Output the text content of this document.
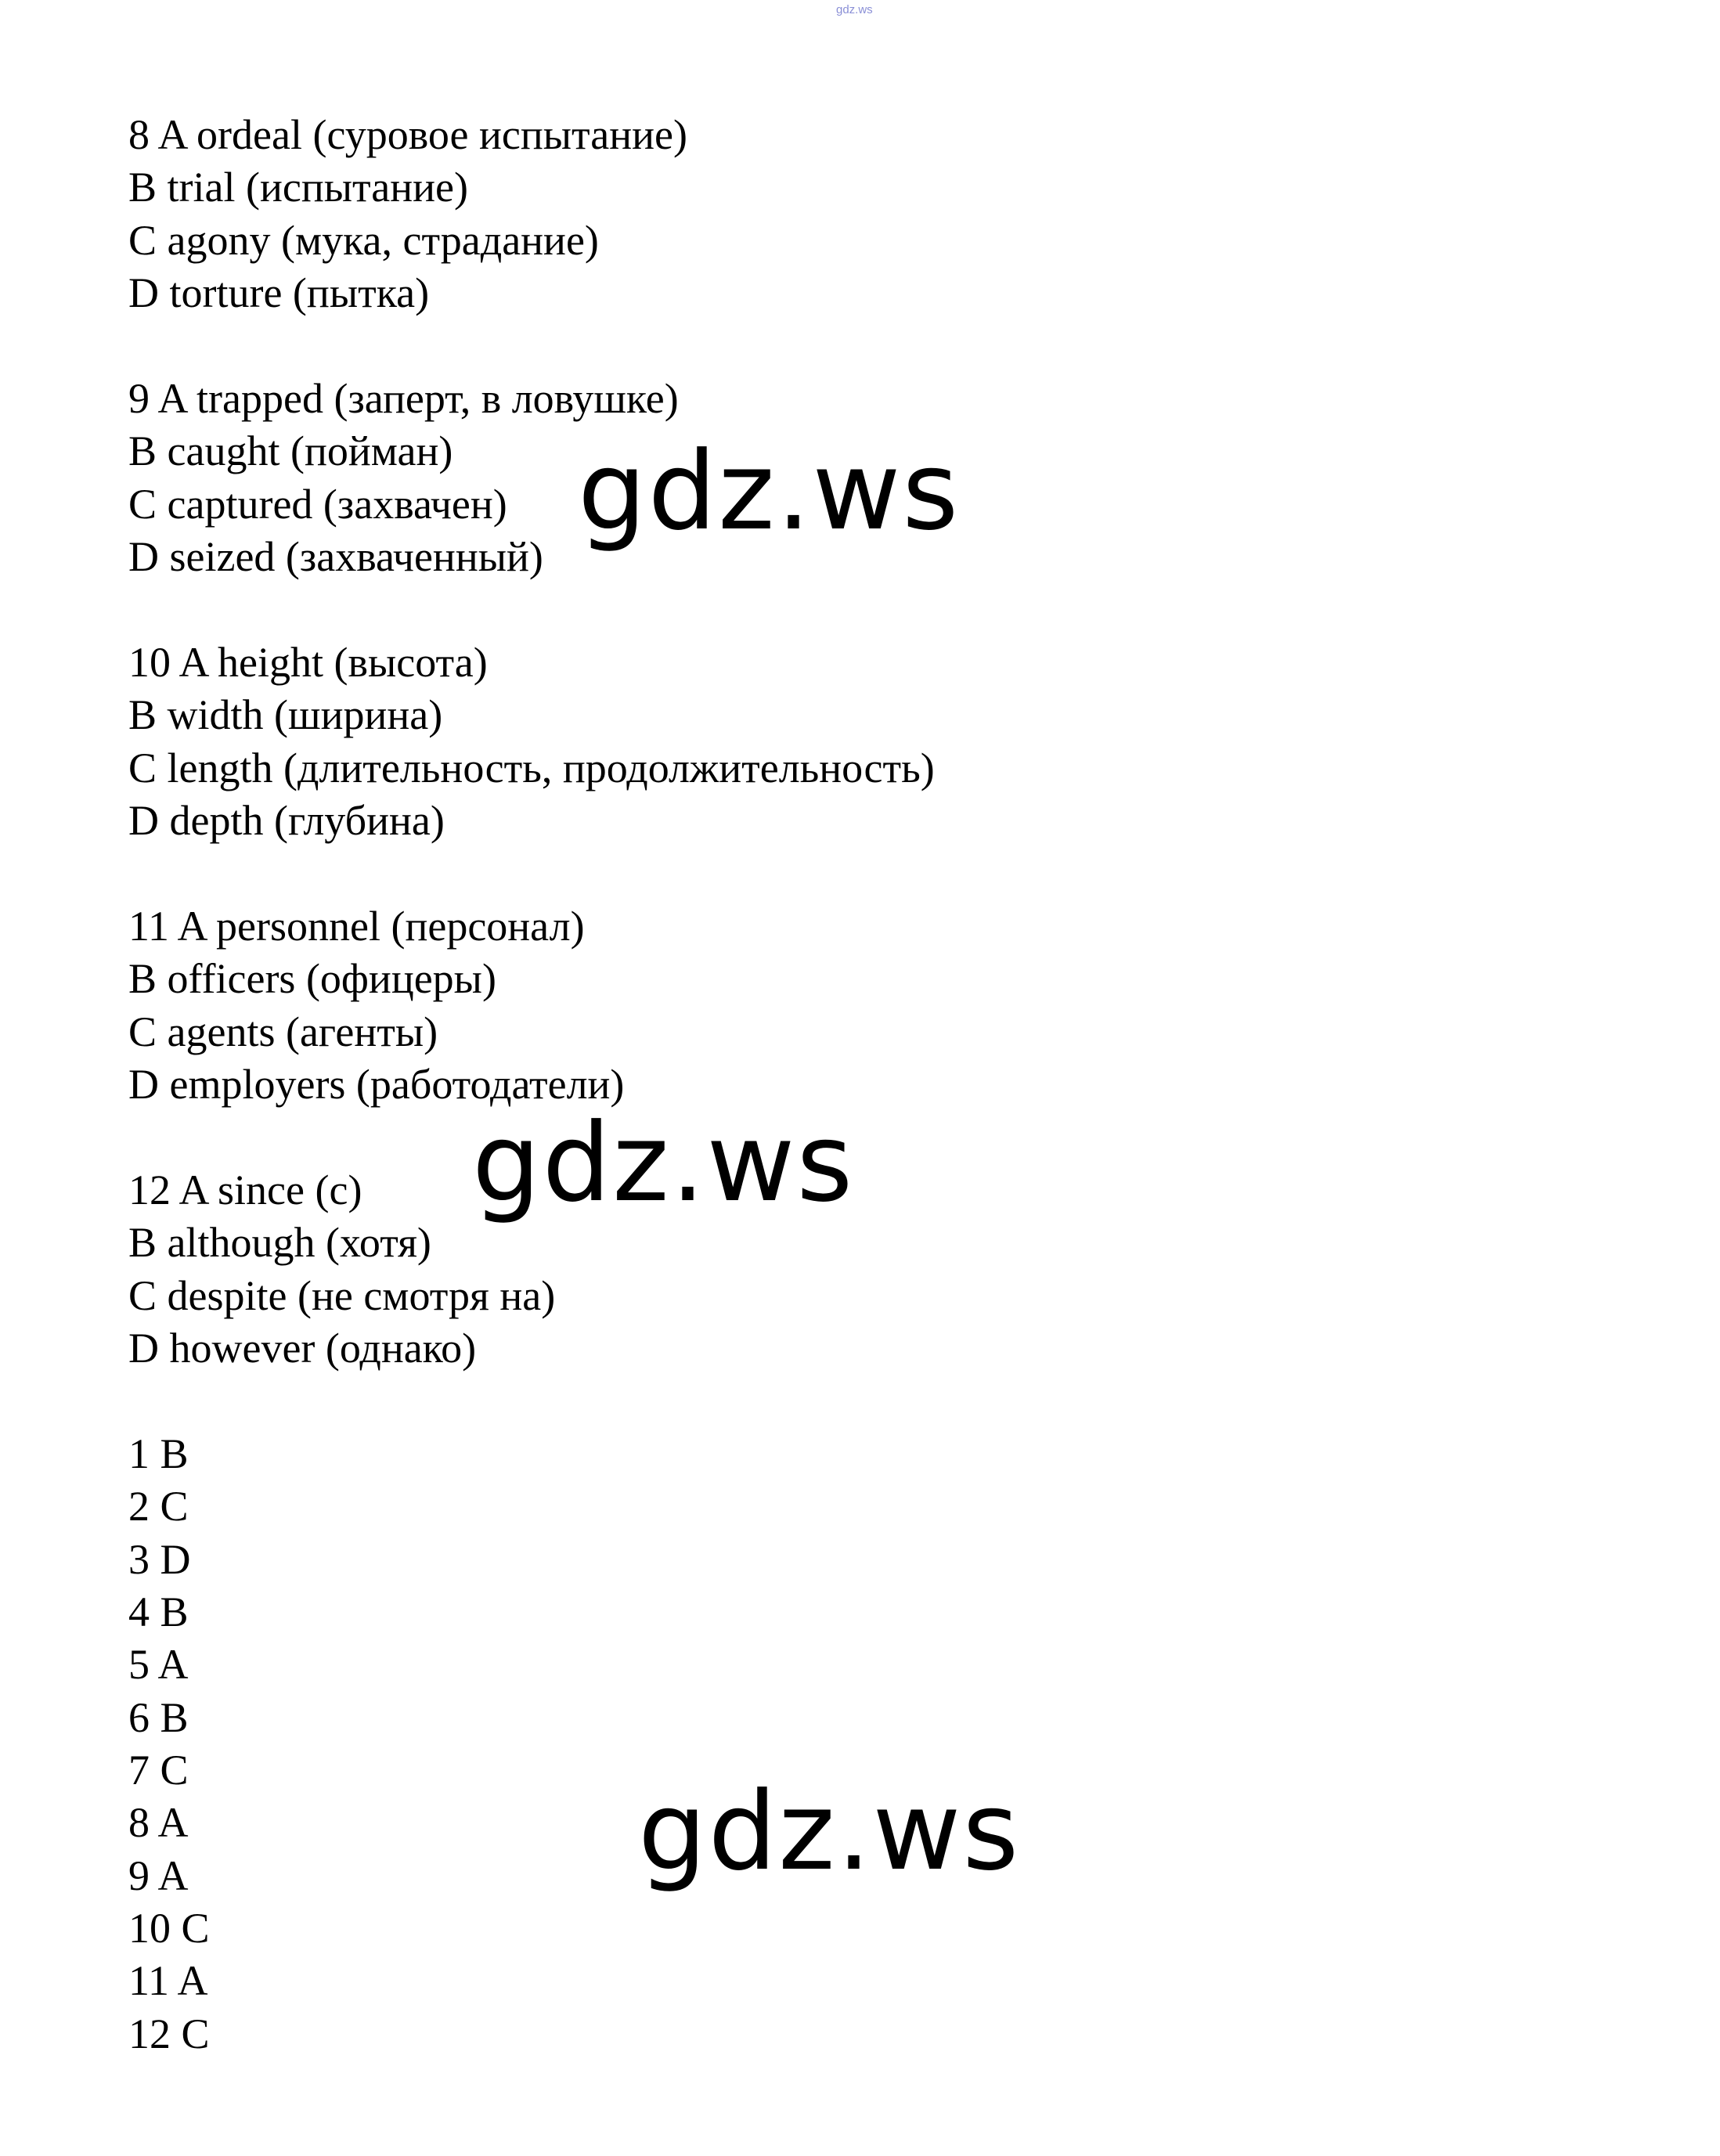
gdz.ws
8 A ordeal (суровое испытание)
B trial (испытание)
C agony (мука, страдание)
D torture (пытка)
9 A trapped (заперт, в ловушке)
B caught (пойман)
C captured (захвачен)
D seized (захваченный)
10 A height (высота)
B width (ширина)
C length (длительность, продолжительность)
D depth (глубина)
11 A personnel (персонал)
B officers (офицеры)
C agents (агенты)
D employers (работодатели)
12 A since (с)
B although (хотя)
C despite (не смотря на)
D however (однако)
1 B
2 C
3 D
4 B
5 A
6 B
7 C
8 A
9 A
10 C
11 A
12 C
gdz.ws
gdz.ws
gdz.ws
